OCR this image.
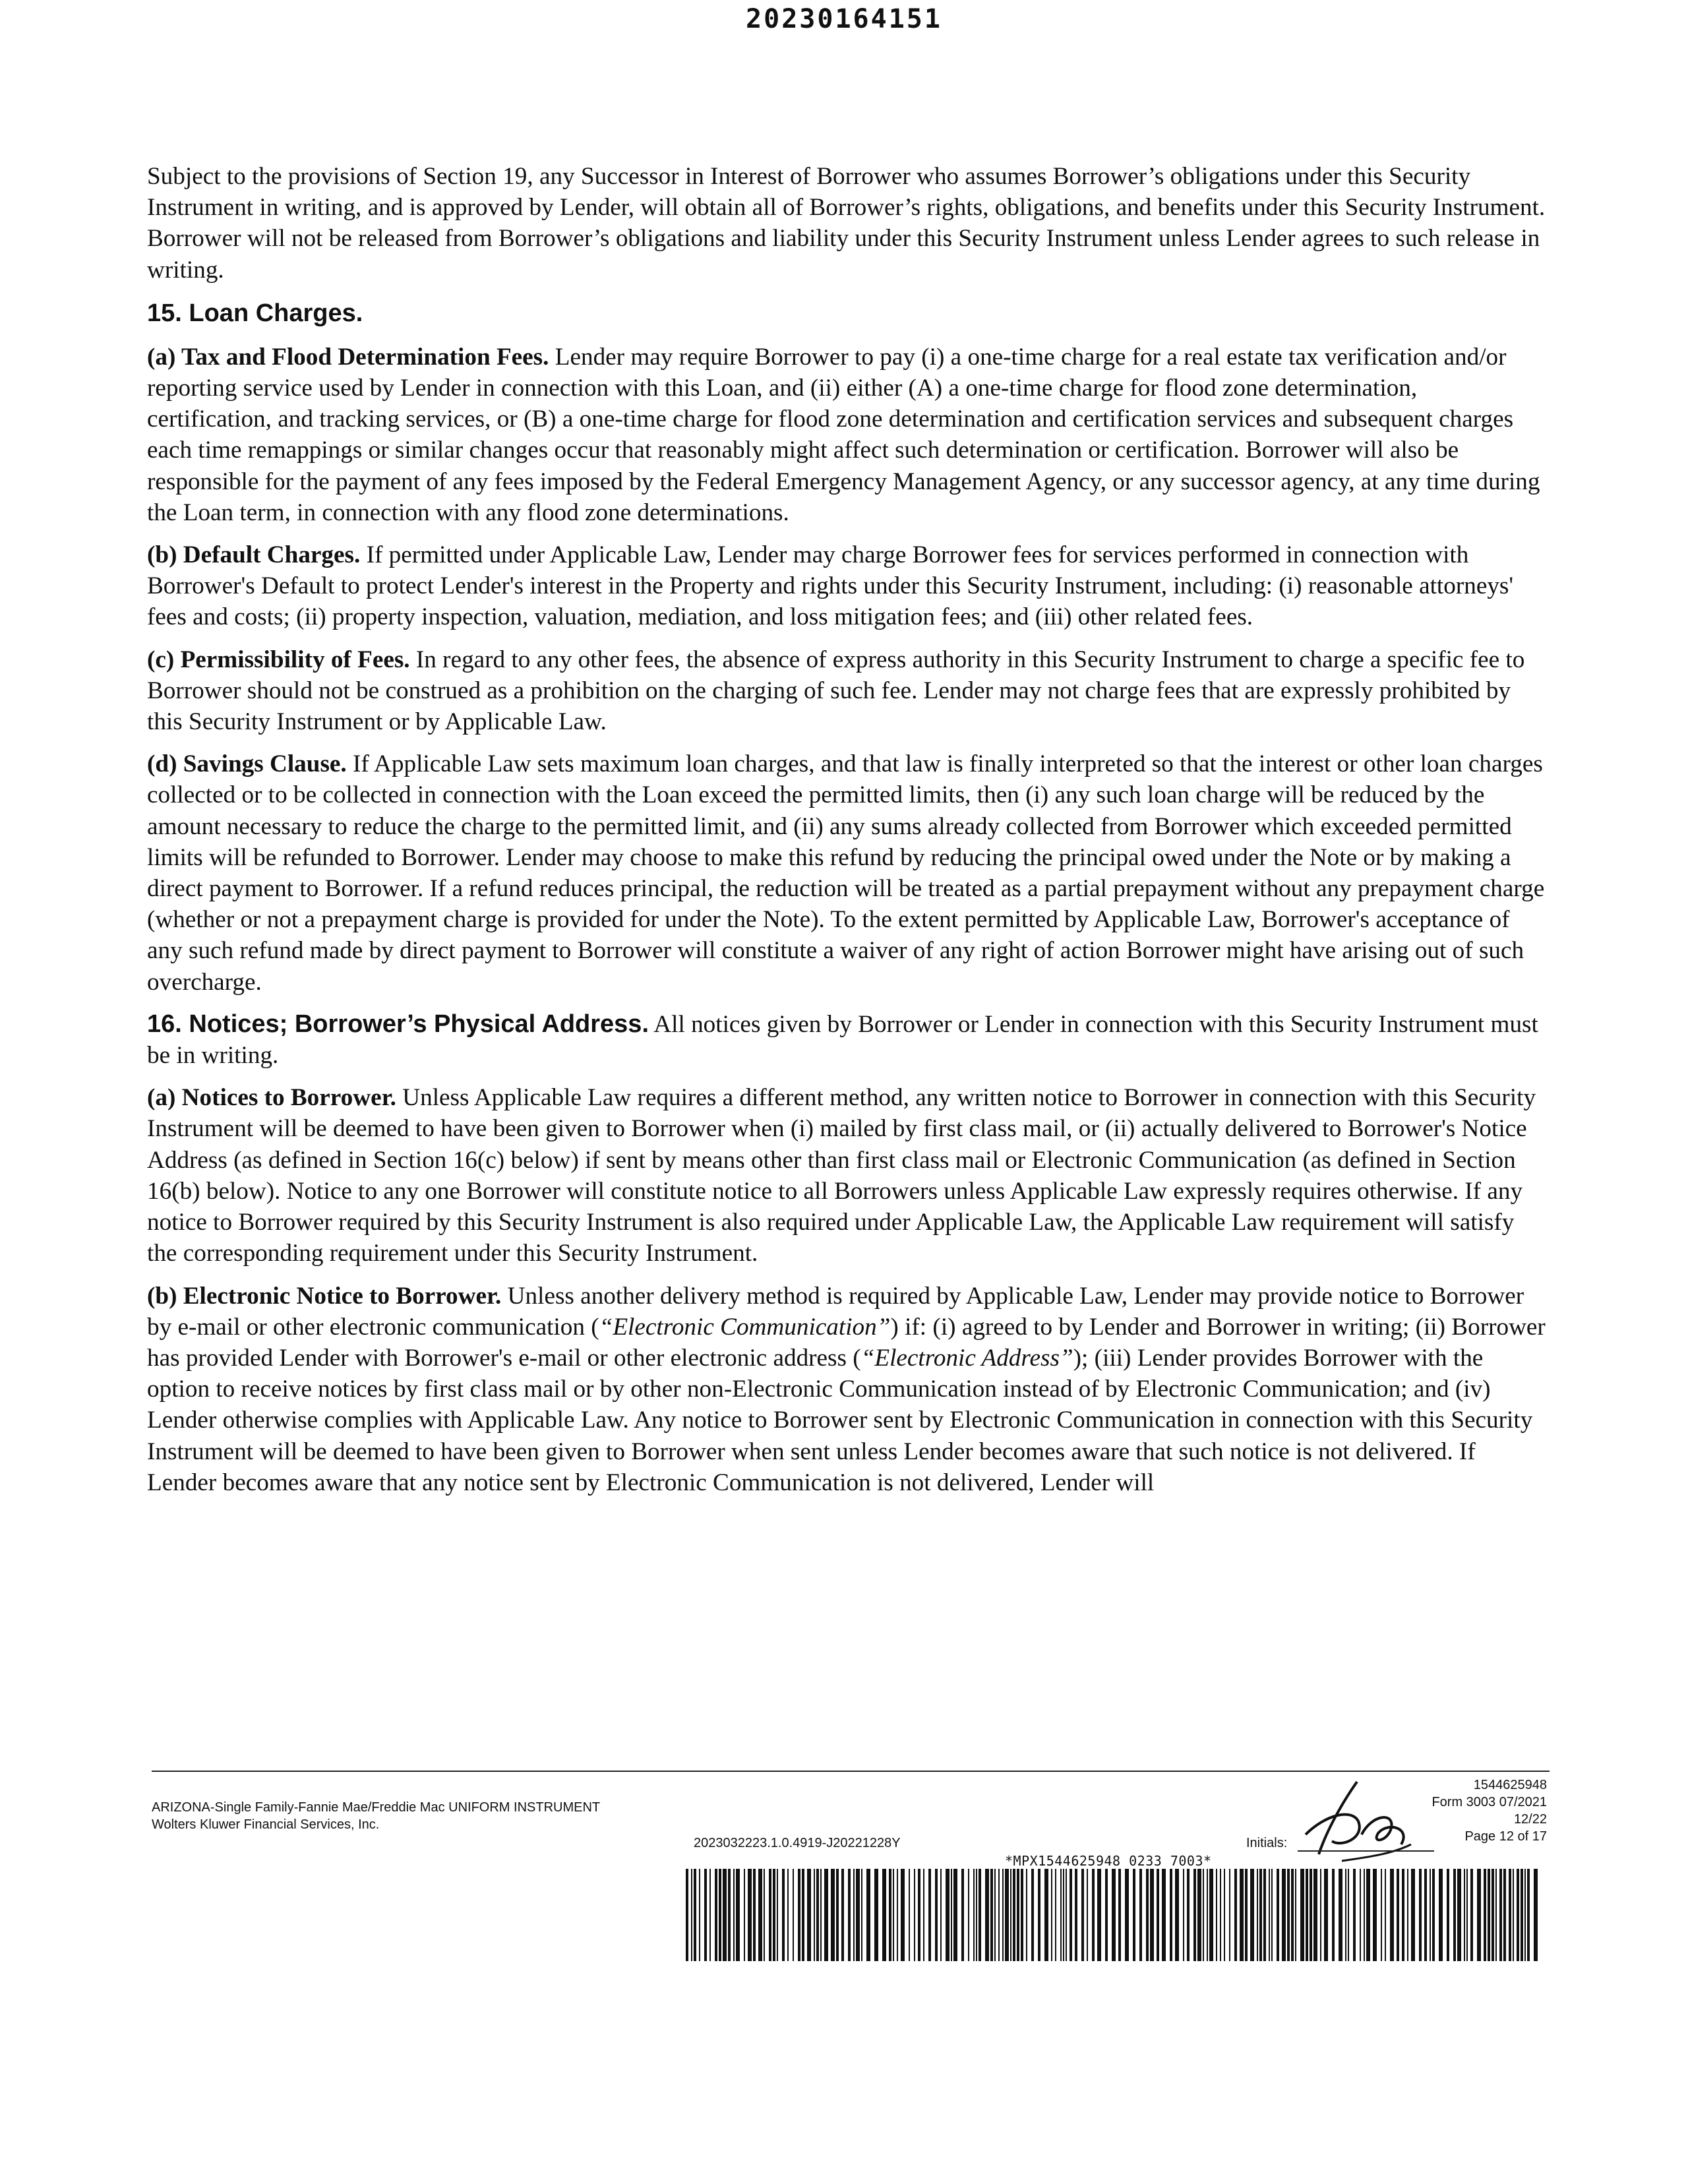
20230164151

Subject to the provisions of Section 19, any Successor in Interest of Borrower who assumes Borrower’s obligations under this Security Instrument in writing, and is approved by Lender, will obtain all of Borrower’s rights, obligations, and benefits under this Security Instrument. Borrower will not be released from Borrower’s obligations and liability under this Security Instrument unless Lender agrees to such release in writing.

15. Loan Charges.

(a) Tax and Flood Determination Fees. Lender may require Borrower to pay (i) a one-time charge for a real estate tax verification and/or reporting service used by Lender in connection with this Loan, and (ii) either (A) a one-time charge for flood zone determination, certification, and tracking services, or (B) a one-time charge for flood zone determination and certification services and subsequent charges each time remappings or similar changes occur that reasonably might affect such determination or certification. Borrower will also be responsible for the payment of any fees imposed by the Federal Emergency Management Agency, or any successor agency, at any time during the Loan term, in connection with any flood zone determinations.

(b) Default Charges. If permitted under Applicable Law, Lender may charge Borrower fees for services performed in connection with Borrower's Default to protect Lender's interest in the Property and rights under this Security Instrument, including: (i) reasonable attorneys' fees and costs; (ii) property inspection, valuation, mediation, and loss mitigation fees; and (iii) other related fees.

(c) Permissibility of Fees. In regard to any other fees, the absence of express authority in this Security Instrument to charge a specific fee to Borrower should not be construed as a prohibition on the charging of such fee. Lender may not charge fees that are expressly prohibited by this Security Instrument or by Applicable Law.

(d) Savings Clause. If Applicable Law sets maximum loan charges, and that law is finally interpreted so that the interest or other loan charges collected or to be collected in connection with the Loan exceed the permitted limits, then (i) any such loan charge will be reduced by the amount necessary to reduce the charge to the permitted limit, and (ii) any sums already collected from Borrower which exceeded permitted limits will be refunded to Borrower. Lender may choose to make this refund by reducing the principal owed under the Note or by making a direct payment to Borrower. If a refund reduces principal, the reduction will be treated as a partial prepayment without any prepayment charge (whether or not a prepayment charge is provided for under the Note). To the extent permitted by Applicable Law, Borrower's acceptance of any such refund made by direct payment to Borrower will constitute a waiver of any right of action Borrower might have arising out of such overcharge.

16. Notices; Borrower’s Physical Address. All notices given by Borrower or Lender in connection with this Security Instrument must be in writing.

(a) Notices to Borrower. Unless Applicable Law requires a different method, any written notice to Borrower in connection with this Security Instrument will be deemed to have been given to Borrower when (i) mailed by first class mail, or (ii) actually delivered to Borrower's Notice Address (as defined in Section 16(c) below) if sent by means other than first class mail or Electronic Communication (as defined in Section 16(b) below). Notice to any one Borrower will constitute notice to all Borrowers unless Applicable Law expressly requires otherwise. If any notice to Borrower required by this Security Instrument is also required under Applicable Law, the Applicable Law requirement will satisfy the corresponding requirement under this Security Instrument.

(b) Electronic Notice to Borrower. Unless another delivery method is required by Applicable Law, Lender may provide notice to Borrower by e-mail or other electronic communication (“Electronic Communication”) if: (i) agreed to by Lender and Borrower in writing; (ii) Borrower has provided Lender with Borrower's e-mail or other electronic address (“Electronic Address”); (iii) Lender provides Borrower with the option to receive notices by first class mail or by other non-Electronic Communication instead of by Electronic Communication; and (iv) Lender otherwise complies with Applicable Law. Any notice to Borrower sent by Electronic Communication in connection with this Security Instrument will be deemed to have been given to Borrower when sent unless Lender becomes aware that such notice is not delivered. If Lender becomes aware that any notice sent by Electronic Communication is not delivered, Lender will

ARIZONA-Single Family-Fannie Mae/Freddie Mac UNIFORM INSTRUMENT
Wolters Kluwer Financial Services, Inc.
2023032223.1.0.4919-J20221228Y
1544625948
Form 3003 07/2021
12/22
Page 12 of 17
Initials:
*MPX1544625948 0233 7003*
